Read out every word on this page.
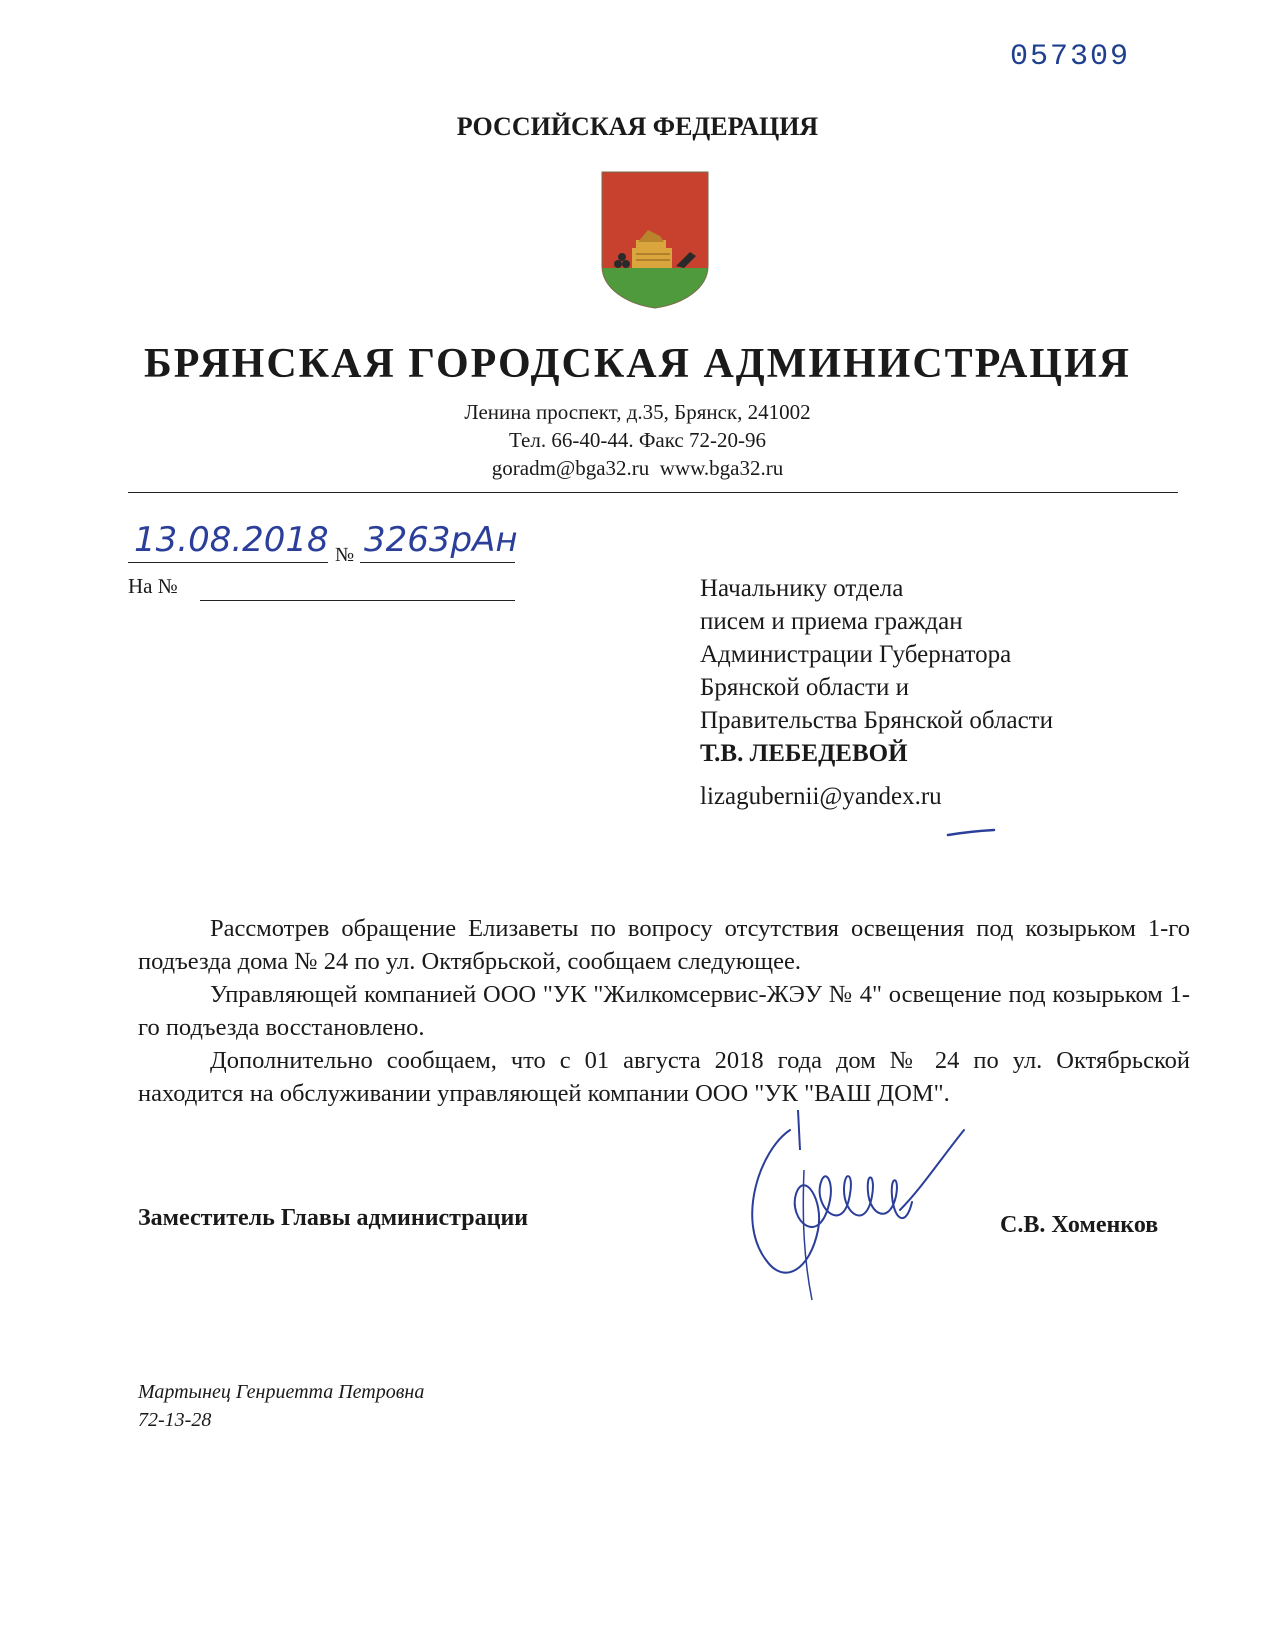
057309
РОССИЙСКАЯ ФЕДЕРАЦИЯ
БРЯНСКАЯ ГОРОДСКАЯ АДМИНИСТРАЦИЯ
Ленина проспект, д.35, Брянск, 241002
Тел. 66-40-44. Факс 72-20-96
goradm@bga32.ru  www.bga32.ru
13.08.2018 № 3263рАн
На №	Начальнику отдела
писем и приема граждан
Администрации Губернатора
Брянской области и
Правительства Брянской области
Т.В. ЛЕБЕДЕВОЙ
lizagubernii@yandex.ru

Рассмотрев обращение Елизаветы по вопросу отсутствия освещения под козырьком 1-го подъезда дома № 24 по ул. Октябрьской, сообщаем следующее.

Управляющей компанией ООО "УК "Жилкомсервис-ЖЭУ № 4" освещение под козырьком 1-го подъезда восстановлено.

Дополнительно сообщаем, что с 01 августа 2018 года дом № 24 по ул. Октябрьской находится на обслуживании управляющей компании ООО "УК "ВАШ ДОМ".

Заместитель Главы администрации	С.В. Хоменков
Мартынец Генриетта Петровна
72-13-28
